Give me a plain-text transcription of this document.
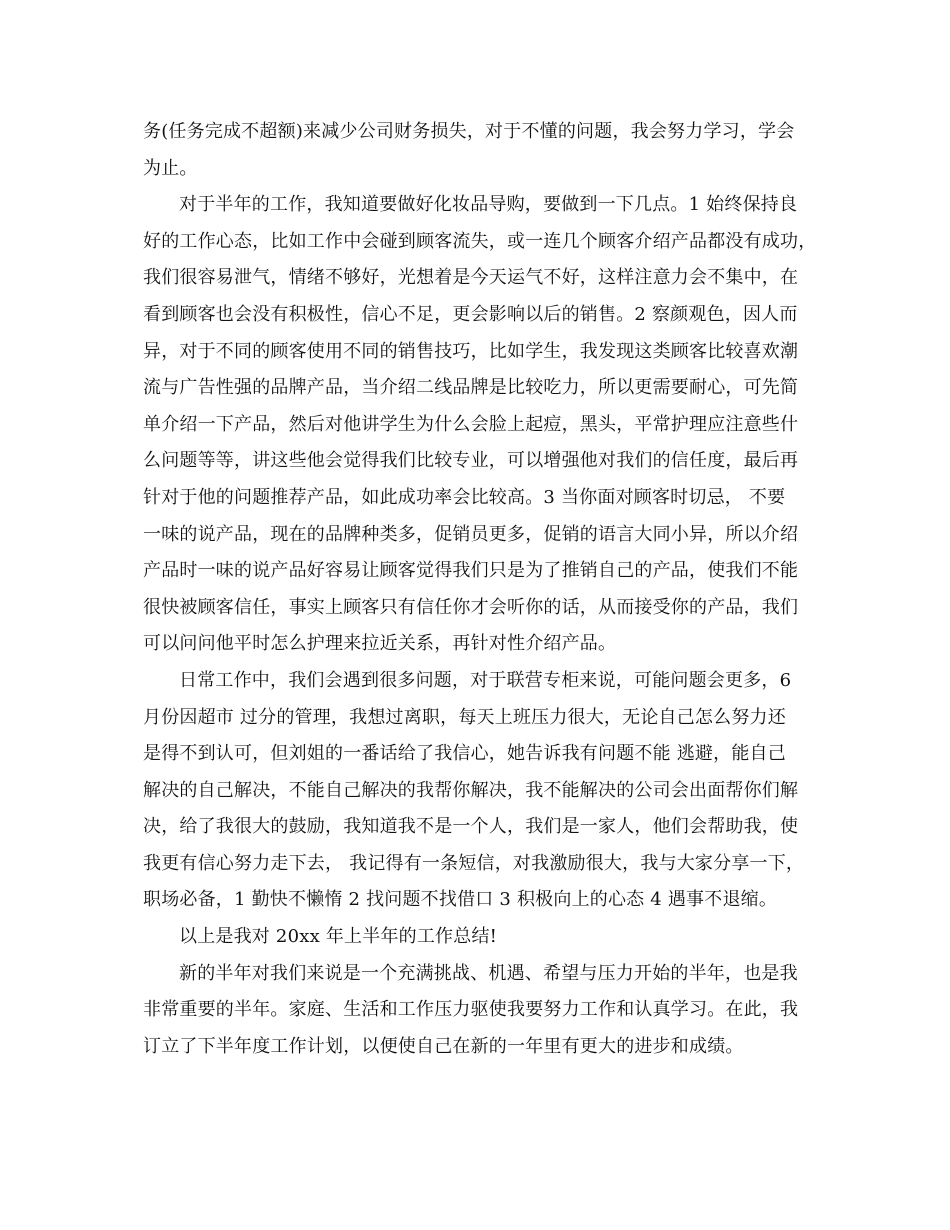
务(任务完成不超额)来减少公司财务损失，对于不懂的问题，我会努力学习，学会
为止。
对于半年的工作，我知道要做好化妆品导购，要做到一下几点。1 始终保持良
好的工作心态，比如工作中会碰到顾客流失，或一连几个顾客介绍产品都没有成功，
我们很容易泄气，情绪不够好，光想着是今天运气不好，这样注意力会不集中，在
看到顾客也会没有积极性，信心不足，更会影响以后的销售。2 察颜观色，因人而
异，对于不同的顾客使用不同的销售技巧，比如学生，我发现这类顾客比较喜欢潮
流与广告性强的品牌产品，当介绍二线品牌是比较吃力，所以更需要耐心，可先简
单介绍一下产品，然后对他讲学生为什么会脸上起痘，黑头，平常护理应注意些什
么问题等等，讲这些他会觉得我们比较专业，可以增强他对我们的信任度，最后再
针对于他的问题推荐产品，如此成功率会比较高。3 当你面对顾客时切忌， 不要
一味的说产品，现在的品牌种类多，促销员更多，促销的语言大同小异，所以介绍
产品时一味的说产品好容易让顾客觉得我们只是为了推销自己的产品，使我们不能
很快被顾客信任，事实上顾客只有信任你才会听你的话，从而接受你的产品，我们
可以问问他平时怎么护理来拉近关系，再针对性介绍产品。
日常工作中，我们会遇到很多问题，对于联营专柜来说，可能问题会更多，6
月份因超市 过分的管理，我想过离职，每天上班压力很大，无论自己怎么努力还
是得不到认可，但刘姐的一番话给了我信心，她告诉我有问题不能 逃避，能自己
解决的自己解决，不能自己解决的我帮你解决，我不能解决的公司会出面帮你们解
决，给了我很大的鼓励，我知道我不是一个人，我们是一家人，他们会帮助我，使
我更有信心努力走下去， 我记得有一条短信，对我激励很大，我与大家分享一下，
职场必备，1 勤快不懒惰 2 找问题不找借口 3 积极向上的心态 4 遇事不退缩。
以上是我对 20xx 年上半年的工作总结!
新的半年对我们来说是一个充满挑战、机遇、希望与压力开始的半年，也是我
非常重要的半年。家庭、生活和工作压力驱使我要努力工作和认真学习。在此，我
订立了下半年度工作计划，以便使自己在新的一年里有更大的进步和成绩。
